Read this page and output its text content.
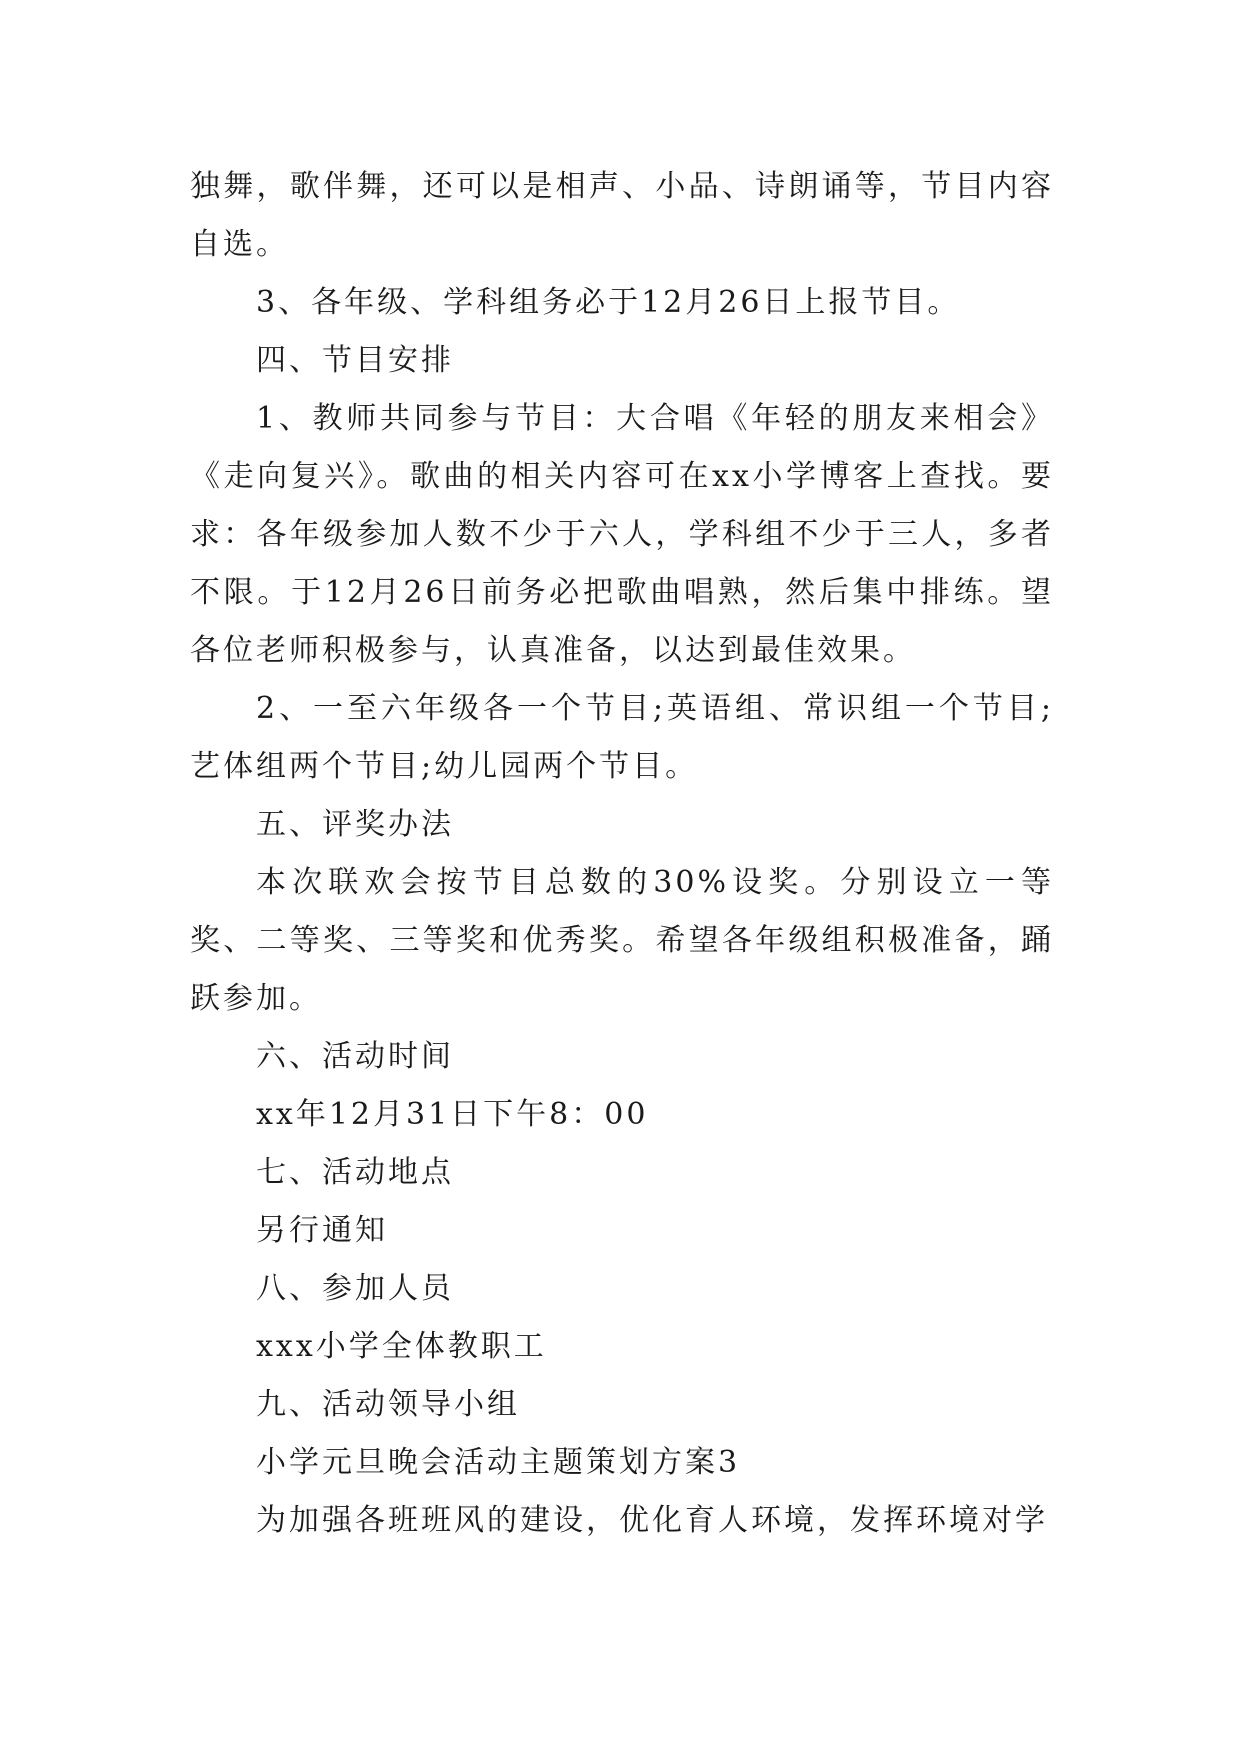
独舞，歌伴舞，还可以是相声、小品、诗朗诵等，节目内容自选。

3、各年级、学科组务必于12月26日上报节目。

四、节目安排

1、教师共同参与节目：大合唱《年轻的朋友来相会》《走向复兴》。歌曲的相关内容可在xx小学博客上查找。要求：各年级参加人数不少于六人，学科组不少于三人，多者不限。于12月26日前务必把歌曲唱熟，然后集中排练。望各位老师积极参与，认真准备，以达到最佳效果。

2、一至六年级各一个节目;英语组、常识组一个节目;艺体组两个节目;幼儿园两个节目。

五、评奖办法

本次联欢会按节目总数的30%设奖。分别设立一等奖、二等奖、三等奖和优秀奖。希望各年级组积极准备，踊跃参加。

六、活动时间

xx年12月31日下午8：00

七、活动地点

另行通知

八、参加人员

xxx小学全体教职工

九、活动领导小组

小学元旦晚会活动主题策划方案3

为加强各班班风的建设，优化育人环境，发挥环境对学
